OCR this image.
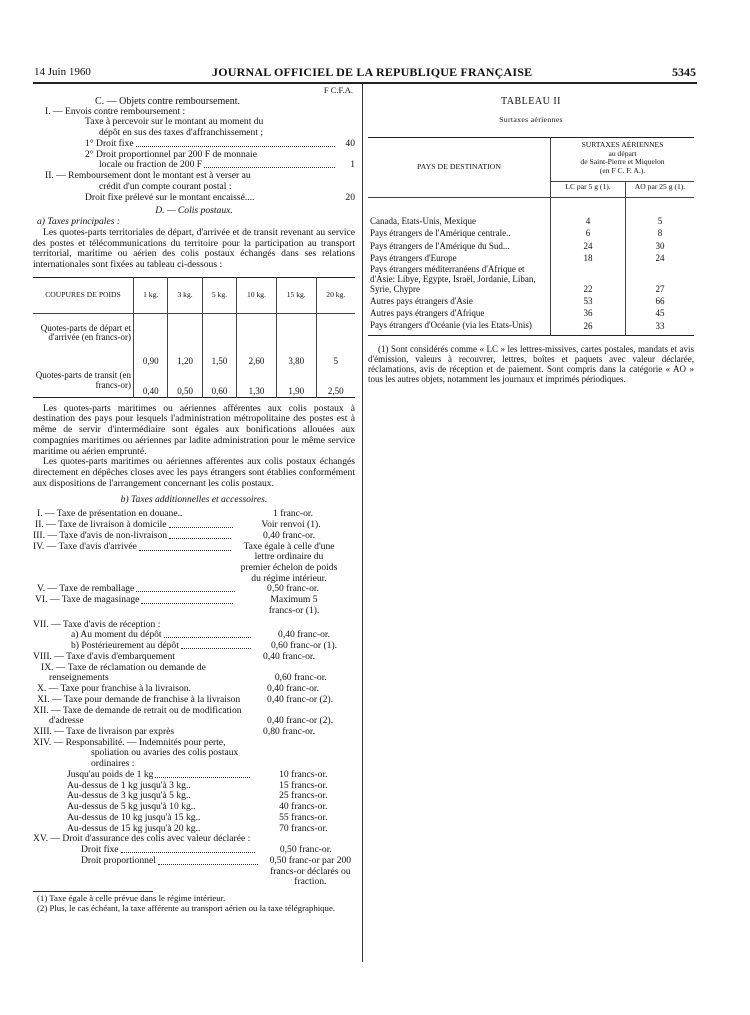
14 Juin 1960	JOURNAL OFFICIEL DE LA REPUBLIQUE FRANÇAISE	5345
F C.F.A.
C. — Objets contre remboursement.
I. — Envois contre remboursement :
Taxe à percevoir sur le montant au moment du
dépôt en sus des taxes d'affranchissement ;
1° Droit fixe	40
2° Droit proportionnel par 200 F de monnaie
locale ou fraction de 200 F	1
II. — Remboursement dont le montant est à verser au
crédit d'un compte courant postal :
Droit fixe prélevé sur le montant encaissé....	20
D. — Colis postaux.
a) Taxes principales :
Les quotes-parts territoriales de départ, d'arrivée et de transit revenant au service des postes et télécommunications du territoire pour la participation au transport territorial, maritime ou aérien des colis postaux échangés dans ses relations internationales sont fixées au tableau ci-dessous :
COUPURES DE POIDS	1 kg.	3 kg.	5 kg.	10 kg.	15 kg.	20 kg.
Quotes-parts de départ et d'arrivée (en francs-or)	0,90	1,20	1,50	2,60	3,80	5
Quotes-parts de transit (en francs-or)	0,40	0,50	0,60	1,30	1,90	2,50
Les quotes-parts maritimes ou aériennes afférentes aux colis postaux à destination des pays pour lesquels l'administration métropolitaine des postes est à même de servir d'intermédiaire sont égales aux bonifications allouées aux compagnies maritimes ou aériennes par ladite administration pour le même service maritime ou aérien emprunté.
Les quotes-parts maritimes ou aériennes afférentes aux colis postaux échangés directement en dépêches closes avec les pays étrangers sont établies conformément aux dispositions de l'arrangement concernant les colis postaux.
b) Taxes additionnelles et accessoires.
I. — Taxe de présentation en douane..	1 franc-or.
II. — Taxe de livraison à domicile	Voir renvoi (1).
III. — Taxe d'avis de non-livraison	0,40 franc-or.
IV. — Taxe d'avis d'arrivée	Taxe égale à celle d'une lettre ordinaire du premier échelon de poids du régime intérieur.
V. — Taxe de remballage	0,50 franc-or.
VI. — Taxe de magasinage	Maximum 5 francs-or (1).
VII. — Taxe d'avis de réception :
a) Au moment du dépôt	0,40 franc-or.
b) Postérieurement au dépôt	0,60 franc-or (1).
VIII. — Taxe d'avis d'embarquement	0,40 franc-or.
IX. — Taxe de réclamation ou demande de renseignements	0,60 franc-or.
X. — Taxe pour franchise à la livraison.	0,40 franc-or.
XI. — Taxe pour demande de franchise à la livraison	0,40 franc-or (2).
XII. — Taxe de demande de retrait ou de modification d'adresse	0,40 franc-or (2).
XIII. — Taxe de livraison par exprès	0,80 franc-or.
XIV. — Responsabilité. — Indemnités pour perte, spoliation ou avaries des colis postaux ordinaires :
Jusqu'au poids de 1 kg	10 francs-or.
Au-dessus de 1 kg jusqu'à 3 kg..	15 francs-or.
Au-dessus de 3 kg jusqu'à 5 kg..	25 francs-or.
Au-dessus de 5 kg jusqu'à 10 kg..	40 francs-or.
Au-dessus de 10 kg jusqu'à 15 kg..	55 francs-or.
Au-dessus de 15 kg jusqu'à 20 kg..	70 francs-or.
XV. — Droit d'assurance des colis avec valeur déclarée :
Droit fixe	0,50 franc-or.
Droit proportionnel	0,50 franc-or par 200 francs-or déclarés ou fraction.
(1) Taxe égale à celle prévue dans le régime intérieur.
(2) Plus, le cas échéant, la taxe afférente au transport aérien ou la taxe télégraphique.
TABLEAU II
Surtaxes aériennes
PAYS DE DESTINATION	SURTAXES AÉRIENNES
au départ
de Saint-Pierre et Miquelon
(en F C. F. A.).	

	LC par 5 g (1).	AO par 25 g (1).

Canada, Etats-Unis, Mexique	4	5
Pays étrangers de l'Amérique centrale..	6	8
Pays étrangers de l'Amérique du Sud...	24	30
Pays étrangers d'Europe	18	24
Pays étrangers méditerranéens d'Afrique et d'Asie: Libye, Egypte, Israël, Jordanie, Liban, Syrie, Chypre	22	27
Autres pays étrangers d'Asie	53	66
Autres pays étrangers d'Afrique	36	45
Pays étrangers d'Océanie (via les Etats-Unis)	26	33
(1) Sont considérés comme « LC » les lettres-missives, cartes postales, mandats et avis d'émission, valeurs à recouvrer, lettres, boîtes et paquets avec valeur déclarée, réclamations, avis de réception et de paiement. Sont compris dans la catégorie « AO » tous les autres objets, notamment les journaux et imprimés périodiques.
